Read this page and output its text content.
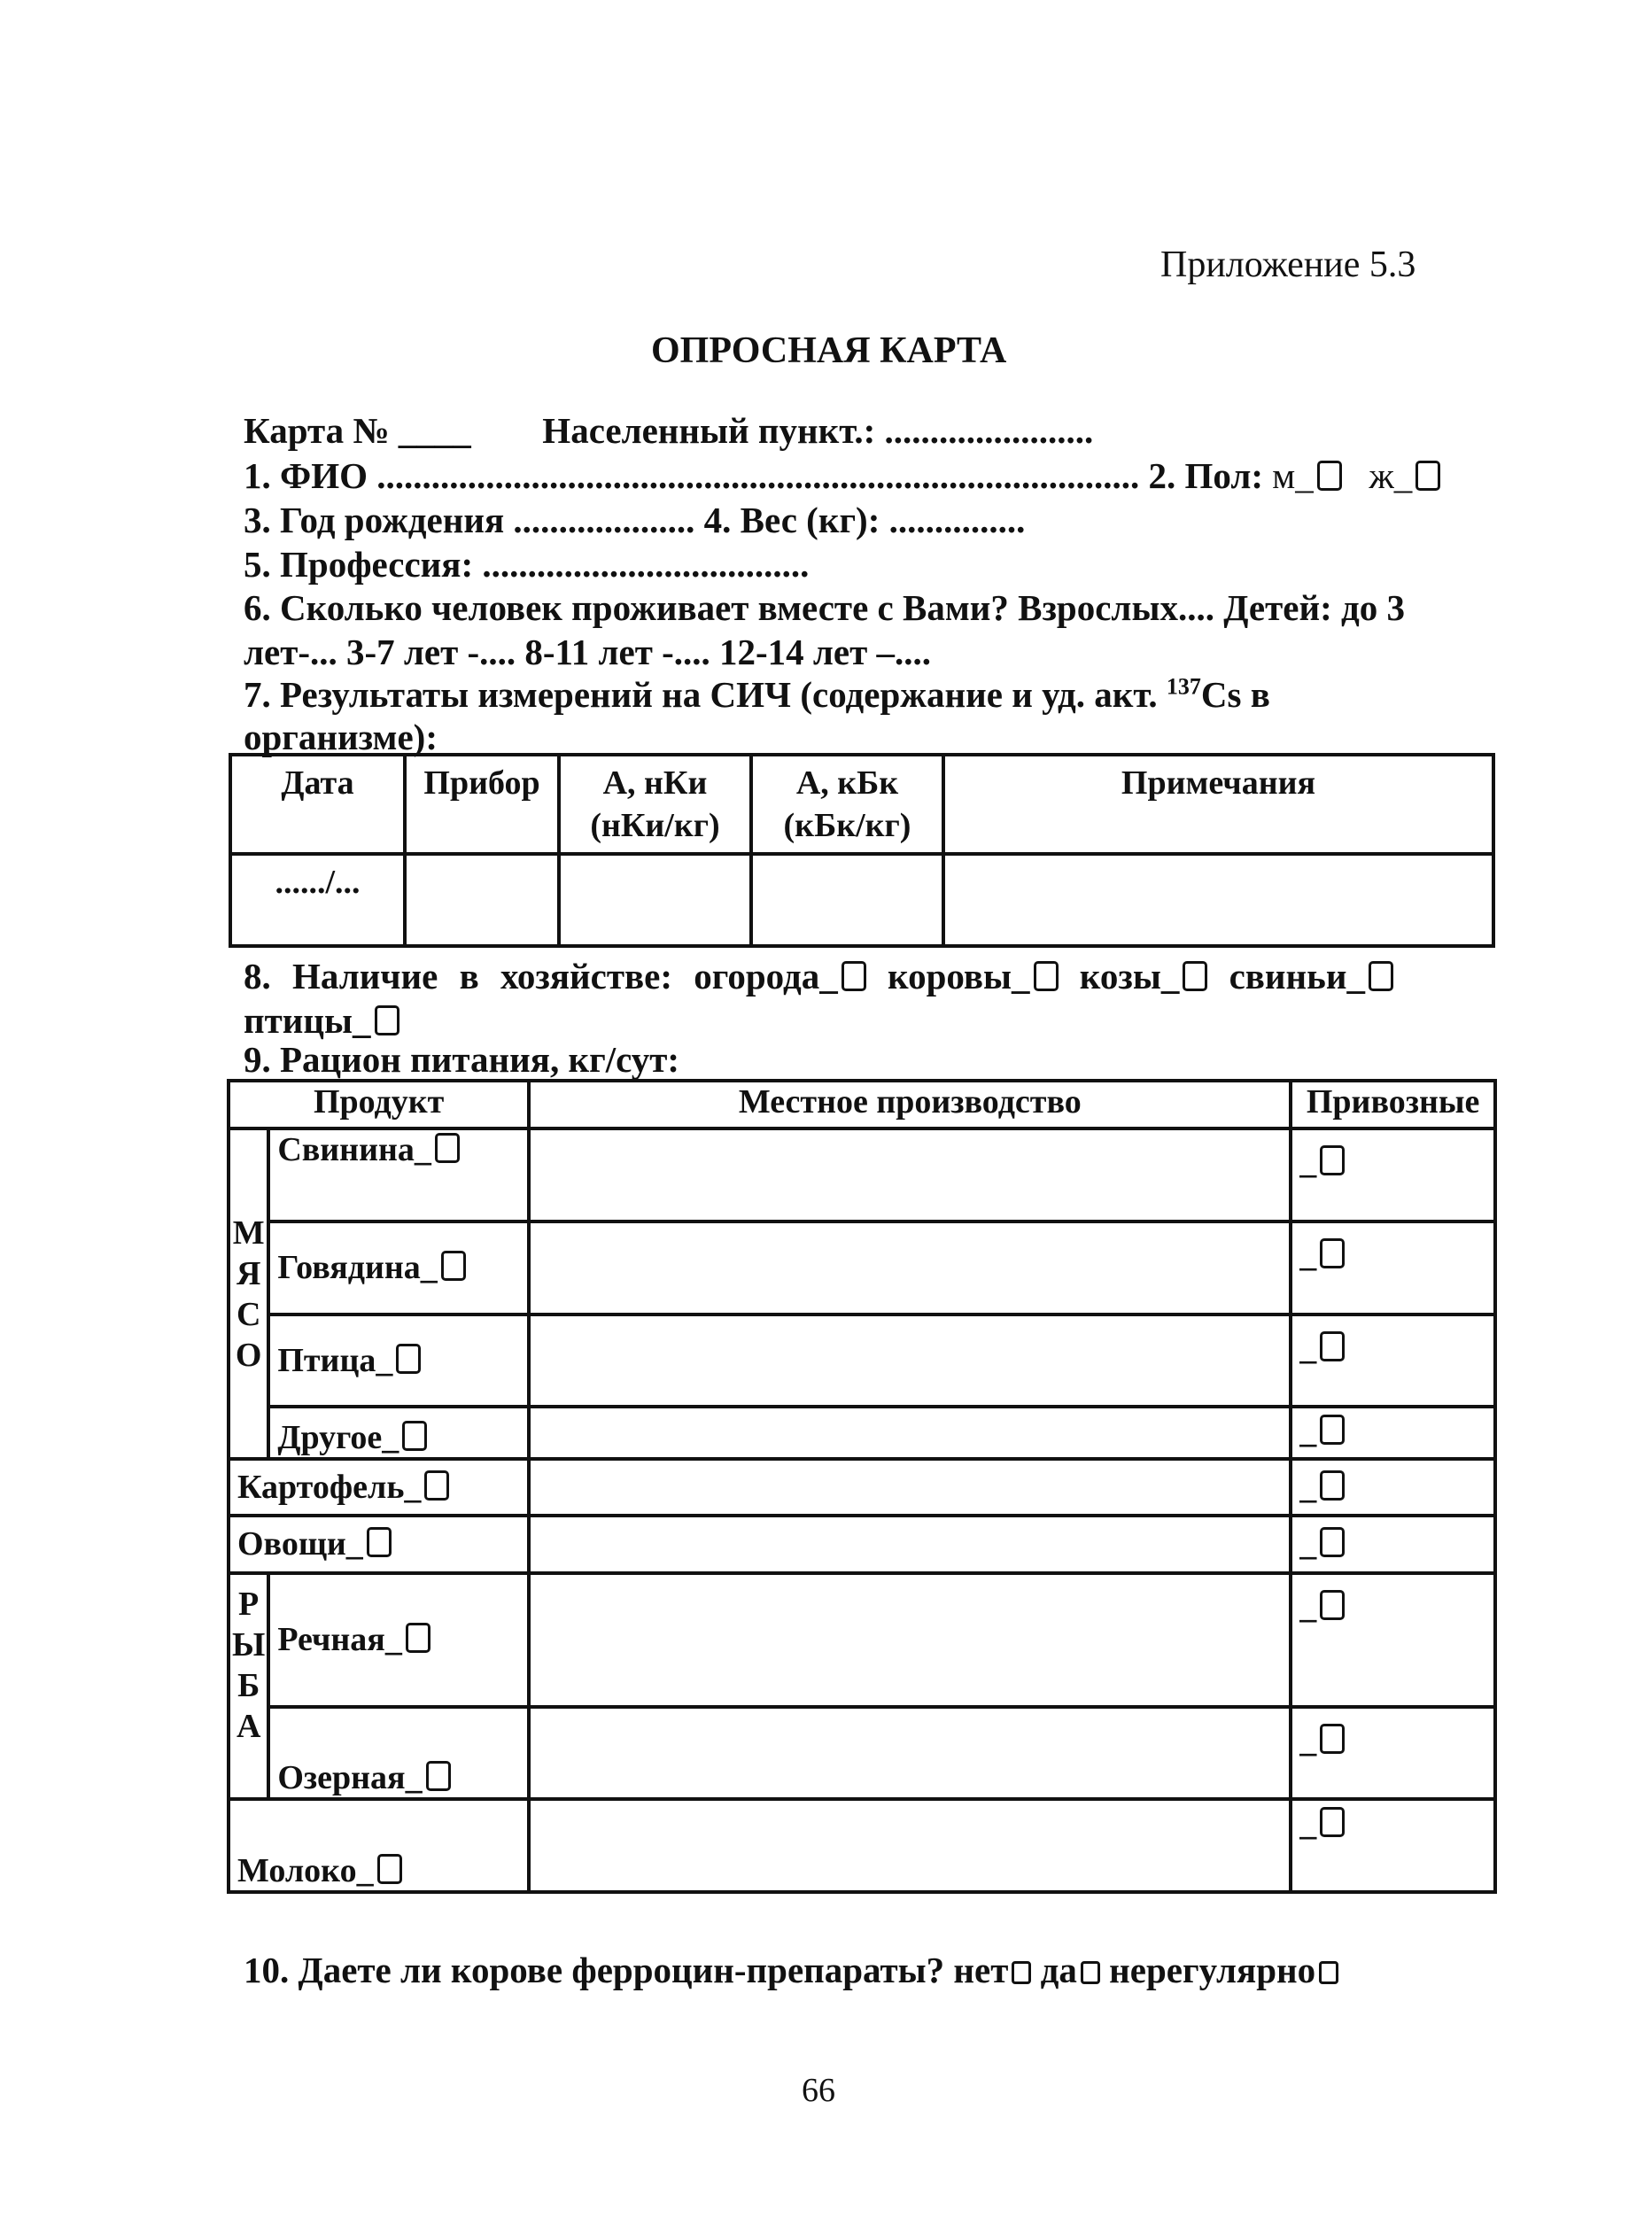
Приложение 5.3
ОПРОСНАЯ КАРТА
Карта № ____ Населенный пункт.: .......................
1. ФИО .................................................................................... 2. Пол: м_ ж_
3. Год рождения .................... 4. Вес (кг): ...............
5. Профессия: ....................................
6. Сколько человек проживает вместе с Вами? Взрослых.... Детей: до 3
лет-... 3-7 лет -.... 8-11 лет -.... 12-14 лет –....
7. Результаты измерений на СИЧ (содержание и уд. акт. $^{137}$Cs в
организме):
Дата	Прибор	A, нКи (нКи/кг)	A, кБк (кБк/кг)	Примечания
....../...				
8. Наличие в хозяйстве: огорода_ коровы_ козы_ свиньи_
птицы_
9. Рацион питания, кг/сут:
Продукт		Местное производство	Привозные
М
Я
С
О	Свинина_		_
	Говядина_		_
	Птица_		_
	Другое_		_
Картофель_			_
Овощи_			_
Р
Ы
Б
А	Речная_		_
	Озерная_		_
Молоко_			_
10. Даете ли корове ферроцин-препараты? нет да нерегулярно
66
